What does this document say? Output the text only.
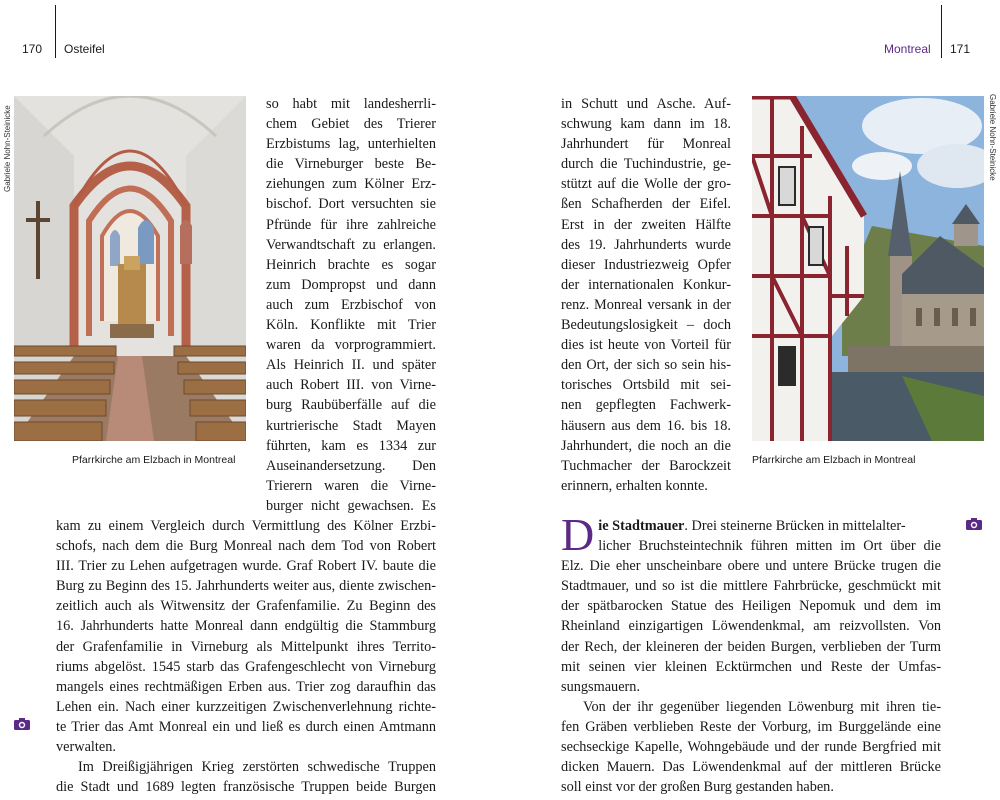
170 Osteifel
Gabriele Nohn-Steinicke
Pfarrkirche am Elzbach in Montreal
so habt mit landesherrli-
chem Gebiet des Trierer
Erzbistums lag, unterhielten
die Virneburger beste Be-
ziehungen zum Kölner Erz-
bischof. Dort versuchten sie
Pfründe für ihre zahlreiche
Verwandtschaft zu erlangen.
Heinrich brachte es sogar
zum Dompropst und dann
auch zum Erzbischof von
Köln. Konflikte mit Trier
waren da vorprogrammiert.
Als Heinrich II. und später
auch Robert III. von Virne-
burg Raubüberfälle auf die
kurtrierische Stadt Mayen
führten, kam es 1334 zur
Auseinandersetzung. Den
Trierern waren die Virne-
burger nicht gewachsen. Es
kam zu einem Vergleich durch Vermittlung des Kölner Erzbi-
schofs, nach dem die Burg Monreal nach dem Tod von Robert
III. Trier zu Lehen aufgetragen wurde. Graf Robert IV. baute die
Burg zu Beginn des 15. Jahrhunderts weiter aus, diente zwischen-
zeitlich auch als Witwensitz der Grafenfamilie. Zu Beginn des
16. Jahrhunderts hatte Monreal dann endgültig die Stammburg
der Grafenfamilie in Virneburg als Mittelpunkt ihres Territo-
riums abgelöst. 1545 starb das Grafengeschlecht von Virneburg
mangels eines rechtmäßigen Erben aus. Trier zog daraufhin das
Lehen ein. Nach einer kurzzeitigen Zwischenverlehnung richte-
te Trier das Amt Monreal ein und ließ es durch einen Amtmann
verwalten.
Im Dreißigjährigen Krieg zerstörten schwedische Truppen
die Stadt und 1689 legten französische Truppen beide Burgen
Montreal 171
Gabriele Nohn-Steinicke
in Schutt und Asche. Auf-
schwung kam dann im 18.
Jahrhundert für Monreal
durch die Tuchindustrie, ge-
stützt auf die Wolle der gro-
ßen Schafherden der Eifel.
Erst in der zweiten Hälfte
des 19. Jahrhunderts wurde
dieser Industriezweig Opfer
der internationalen Konkur-
renz. Monreal versank in der
Bedeutungslosigkeit – doch
dies ist heute von Vorteil für
den Ort, der sich so sein his-
torisches Ortsbild mit sei-
nen gepflegten Fachwerk-
häusern aus dem 16. bis 18.
Jahrhundert, die noch an die
Tuchmacher der Barockzeit
erinnern, erhalten konnte.
Pfarrkirche am Elzbach in Montreal
D ie Stadtmauer. Drei steinerne Brücken in mittelalter-
licher Bruchsteintechnik führen mitten im Ort über die
Elz. Die eher unscheinbare obere und untere Brücke trugen die
Stadtmauer, und so ist die mittlere Fahrbrücke, geschmückt mit
der spätbarocken Statue des Heiligen Nepomuk und dem im
Rheinland einzigartigen Löwendenkmal, am reizvollsten. Von
der Rech, der kleineren der beiden Burgen, verblieben der Turm
mit seinen vier kleinen Ecktürmchen und Reste der Umfas-
sungsmauern.
Von der ihr gegenüber liegenden Löwenburg mit ihren tie-
fen Gräben verblieben Reste der Vorburg, im Burggelände eine
sechseckige Kapelle, Wohngebäude und der runde Bergfried mit
dicken Mauern. Das Löwendenkmal auf der mittleren Brücke
soll einst vor der großen Burg gestanden haben.
